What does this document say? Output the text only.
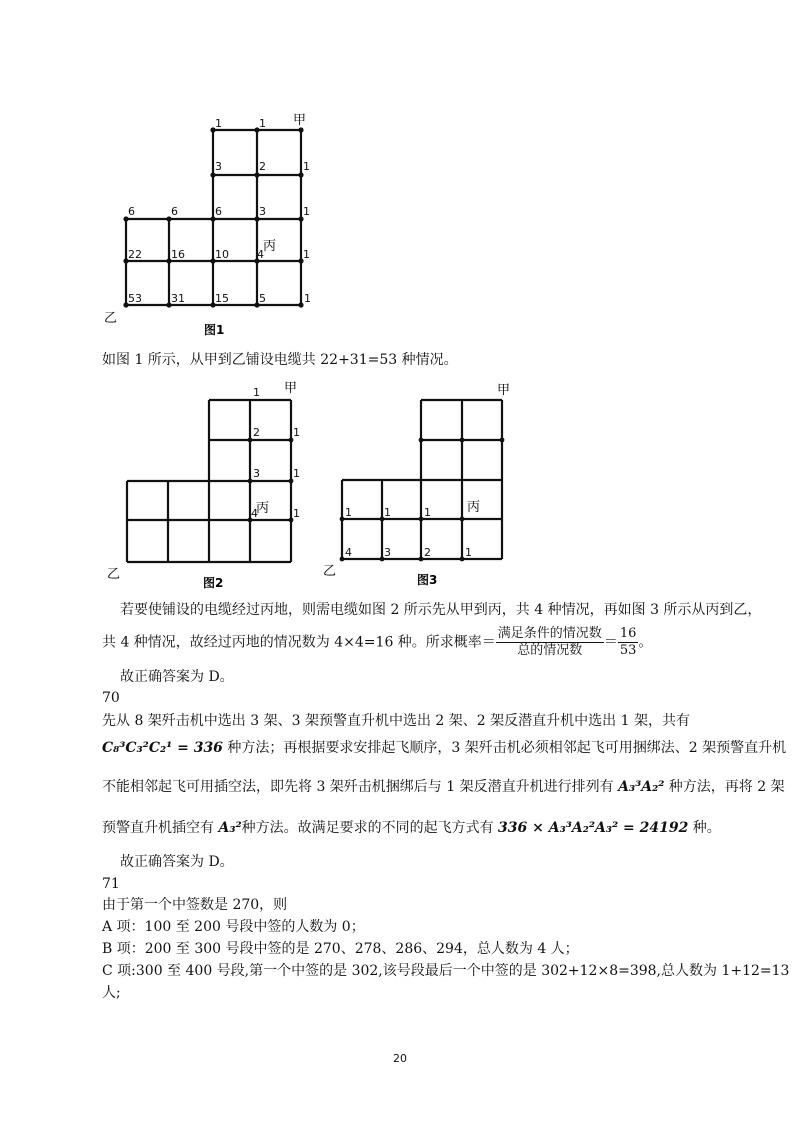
1	1
3	2	1
6	6	6	3	1
22	16	10	4	1
53	31	15	5	1
甲
丙
乙
图1
如图 1 所示，从甲到乙铺设电缆共 22+31=53 种情况。
1
2	1
3	1
4	1
甲
丙
乙
图2
1	1	1
4	3	2	1
甲
丙
乙
图3
若要使铺设的电缆经过丙地，则需电缆如图 2 所示先从甲到丙，共 4 种情况，再如图 3 所示从丙到乙，
共 4 种情况，故经过丙地的情况数为 4×4=16 种。所求概率＝ $\frac{\text{满足条件的情况数}}{\text{总的情况数}} = \frac{16}{53}$ 。
故正确答案为 D。
70
先从 8 架歼击机中选出 3 架、3 架预警直升机中选出 2 架、2 架反潜直升机中选出 1 架，共有
C₈³C₃²C₂¹ = 336 种方法；再根据要求安排起飞顺序，3 架歼击机必须相邻起飞可用捆绑法、2 架预警直升机
不能相邻起飞可用插空法，即先将 3 架歼击机捆绑后与 1 架反潜直升机进行排列有 A₃³A₂² 种方法，再将 2 架
预警直升机插空有 A₃²种方法。故满足要求的不同的起飞方式有 336 × A₃³A₂²A₃² = 24192 种。
故正确答案为 D。
71
由于第一个中签数是 270，则
A 项：100 至 200 号段中签的人数为 0；
B 项：200 至 300 号段中签的是 270、278、286、294，总人数为 4 人；
C 项:300 至 400 号段,第一个中签的是 302,该号段最后一个中签的是 302+12×8=398,总人数为 1+12=13
人;
20
